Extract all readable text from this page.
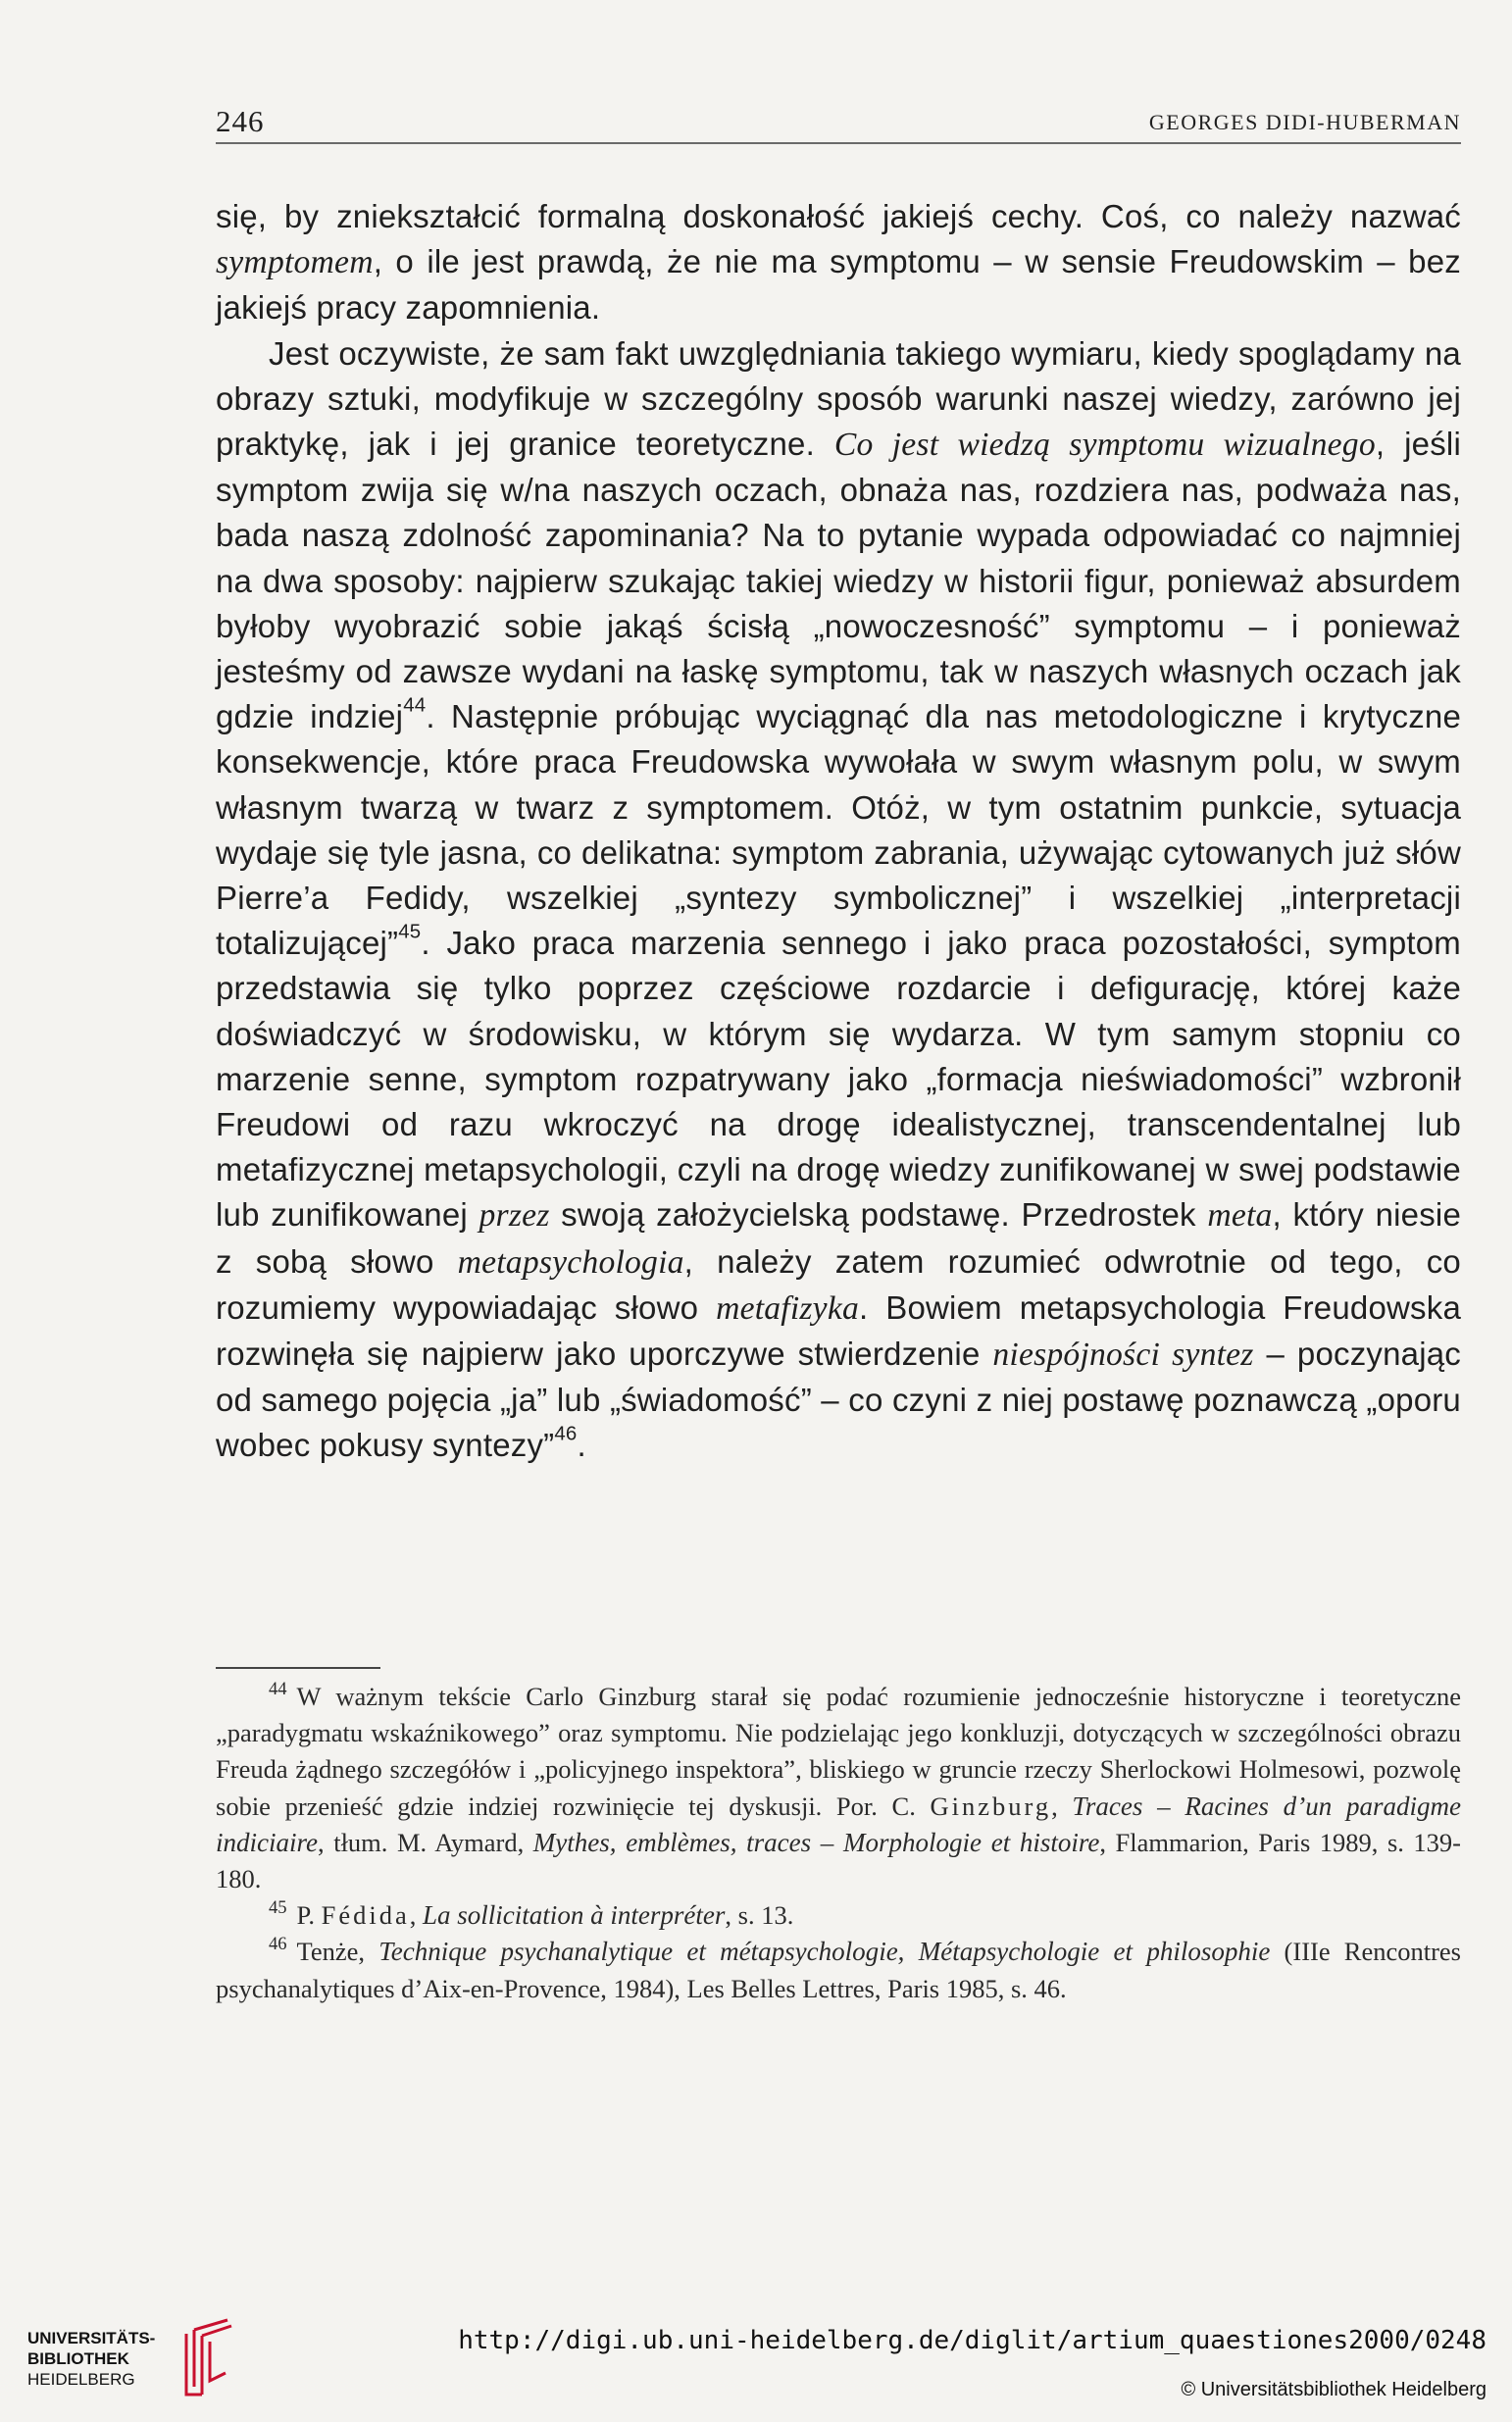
246	GEORGES DIDI-HUBERMAN

się, by zniekształcić formalną doskonałość jakiejś cechy. Coś, co należy nazwać symptomem, o ile jest prawdą, że nie ma symptomu – w sensie Freudowskim – bez jakiejś pracy zapomnienia.

Jest oczywiste, że sam fakt uwzględniania takiego wymiaru, kiedy spoglądamy na obrazy sztuki, modyfikuje w szczególny sposób warunki naszej wiedzy, zarówno jej praktykę, jak i jej granice teoretyczne. Co jest wiedzą symptomu wizualnego, jeśli symptom zwija się w/na naszych oczach, obnaża nas, rozdziera nas, podważa nas, bada naszą zdolność zapominania? Na to pytanie wypada odpowiadać co najmniej na dwa sposoby: najpierw szukając takiej wiedzy w historii figur, ponieważ absurdem byłoby wyobrazić sobie jakąś ścisłą „nowoczesność” symptomu – i ponieważ jesteśmy od zawsze wydani na łaskę symptomu, tak w naszych własnych oczach jak gdzie indziej$^{44}$. Następnie próbując wyciągnąć dla nas metodologiczne i krytyczne konsekwencje, które praca Freudowska wywołała w swym własnym polu, w swym własnym twarzą w twarz z symptomem. Otóż, w tym ostatnim punkcie, sytuacja wydaje się tyle jasna, co delikatna: symptom zabrania, używając cytowanych już słów Pierre’a Fedidy, wszelkiej „syntezy symbolicznej” i wszelkiej „interpretacji totalizującej”$^{45}$. Jako praca marzenia sennego i jako praca pozostałości, symptom przedstawia się tylko poprzez częściowe rozdarcie i defigurację, której każe doświadczyć w środowisku, w którym się wydarza. W tym samym stopniu co marzenie senne, symptom rozpatrywany jako „formacja nieświadomości” wzbronił Freudowi od razu wkroczyć na drogę idealistycznej, transcendentalnej lub metafizycznej metapsychologii, czyli na drogę wiedzy zunifikowanej w swej podstawie lub zunifikowanej przez swoją założycielską podstawę. Przedrostek meta, który niesie z sobą słowo metapsychologia, należy zatem rozumieć odwrotnie od tego, co rozumiemy wypowiadając słowo metafizyka. Bowiem metapsychologia Freudowska rozwinęła się najpierw jako uporczywe stwierdzenie niespójności syntez – poczynając od samego pojęcia „ja” lub „świadomość” – co czyni z niej postawę poznawczą „oporu wobec pokusy syntezy”$^{46}$.

$^{44}$ W ważnym tekście Carlo Ginzburg starał się podać rozumienie jednocześnie historyczne i teoretyczne „paradygmatu wskaźnikowego” oraz symptomu. Nie podzielając jego konkluzji, dotyczących w szczególności obrazu Freuda żądnego szczegółów i „policyjnego inspektora”, bliskiego w gruncie rzeczy Sherlockowi Holmesowi, pozwolę sobie przenieść gdzie indziej rozwinięcie tej dyskusji. Por. C. Ginzburg, Traces – Racines d’un paradigme indiciaire, tłum. M. Aymard, Mythes, emblèmes, traces – Morphologie et histoire, Flammarion, Paris 1989, s. 139-180.

$^{45}$ P. Fédida, La sollicitation à interpréter, s. 13.

$^{46}$ Tenże, Technique psychanalytique et métapsychologie, Métapsychologie et philosophie (IIIe Rencontres psychanalytiques d’Aix-en-Provence, 1984), Les Belles Lettres, Paris 1985, s. 46.

UNIVERSITÄTS-
BIBLIOTHEK
HEIDELBERG
http://digi.ub.uni-heidelberg.de/diglit/artium_quaestiones2000/0248
© Universitätsbibliothek Heidelberg
